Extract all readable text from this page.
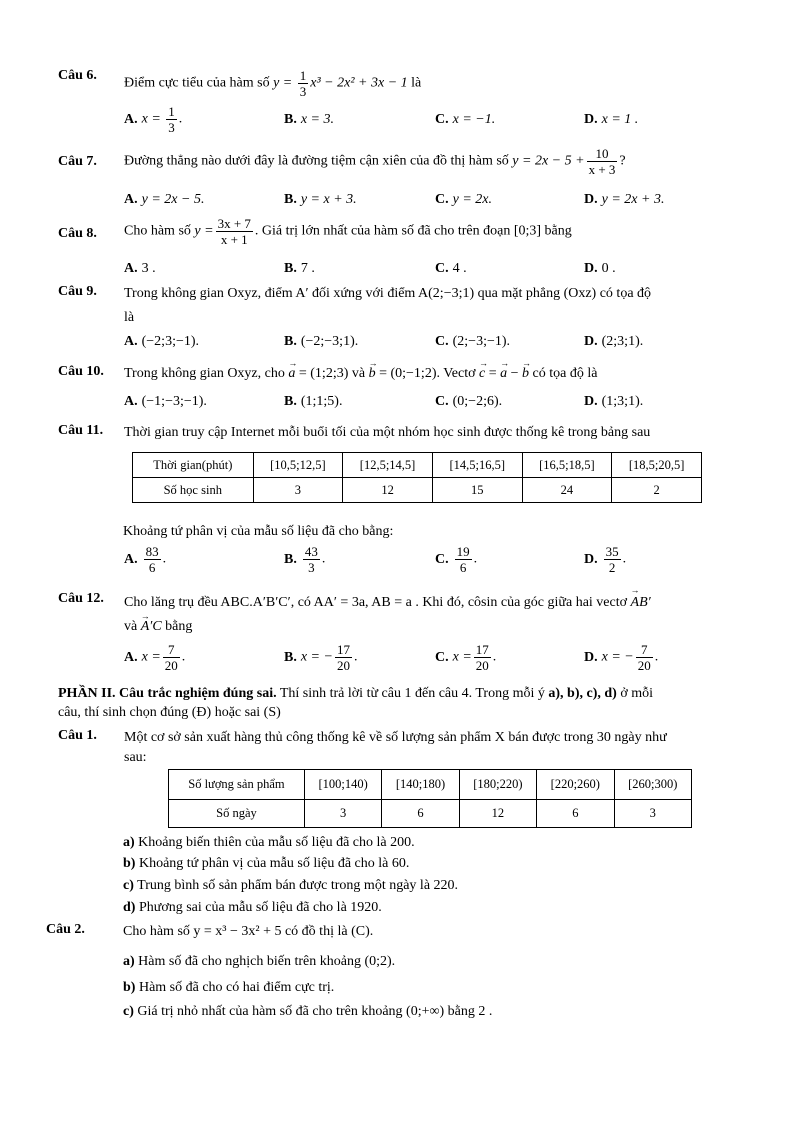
Câu 6.
Điểm cực tiểu của hàm số $y = \frac{1}{3} x^3 - 2x^2 + 3x - 1$ là
A. $x = \frac{1}{3}$ .	B. x = 3.	C. x = −1.	D. x = 1 .
Câu 7. Đường thẳng nào dưới đây là đường tiệm cận xiên của đồ thị hàm số $y = 2x - 5 + \frac{10}{x + 3}$ ?
A. y = 2x − 5.	B. y = x + 3.	C. y = 2x.	D. y = 2x + 3.
Câu 8. Cho hàm số $y = \frac{3x + 7}{x + 1}$ . Giá trị lớn nhất của hàm số đã cho trên đoạn [0;3] bằng
A. 3 .	B. 7 .	C. 4 .	D. 0 .
Câu 9. Trong không gian Oxyz, điểm A′ đối xứng với điểm A(2;−3;1) qua mặt phẳng (Oxz) có tọa độ
là
A. (−2;3;−1).	B. (−2;−3;1).	C. (2;−3;−1).	D. (2;3;1).
Câu 10. Trong không gian Oxyz, cho → a = (1;2;3) và → b = (0;−1;2). Vectơ → c = → a − → b có tọa độ là
A. (−1;−3;−1).	B. (1;1;5).	C. (0;−2;6).	D. (1;3;1).
Câu 11. Thời gian truy cập Internet mỗi buổi tối của một nhóm học sinh được thống kê trong bảng sau
Thời gian(phút)	[10,5;12,5]	[12,5;14,5]	[14,5;16,5]	[16,5;18,5]	[18,5;20,5]
Số học sinh	3	12	15	24	2
Khoảng tứ phân vị của mẫu số liệu đã cho bằng:
A. $\frac{83}{6}$ .	B. $\frac{43}{3}$ .	C. $\frac{19}{6}$ .	D. $\frac{35}{2}$ .
Câu 12. Cho lăng trụ đều ABC.A′B′C′, có AA′ = 3a, AB = a . Khi đó, côsin của góc giữa hai vectơ → AB′
và → A′C bằng
A. $x = \frac{7}{20}$ .	B. x = − $\frac{17}{20}$ .	C. $x = \frac{17}{20}$ .	D. x = − $\frac{7}{20}$ .
PHẦN II. Câu trắc nghiệm đúng sai. Thí sinh trả lời từ câu 1 đến câu 4. Trong mỗi ý a), b), c), d) ở mỗi
câu, thí sinh chọn đúng (Đ) hoặc sai (S)
Câu 1. Một cơ sở sản xuất hàng thủ công thống kê về số lượng sản phẩm X bán được trong 30 ngày như
sau:
Số lượng sản phẩm	[100;140)	[140;180)	[180;220)	[220;260)	[260;300)
Số ngày	3	6	12	6	3
a) Khoảng biến thiên của mẫu số liệu đã cho là 200.
b) Khoảng tứ phân vị của mẫu số liệu đã cho là 60.
c) Trung bình số sản phẩm bán được trong một ngày là 220.
d) Phương sai của mẫu số liệu đã cho là 1920.
Câu 2.	Cho hàm số y = x³ − 3x² + 5 có đồ thị là (C).
a) Hàm số đã cho nghịch biến trên khoảng (0;2).
b) Hàm số đã cho có hai điểm cực trị.
c) Giá trị nhỏ nhất của hàm số đã cho trên khoảng (0;+∞) bằng 2 .
